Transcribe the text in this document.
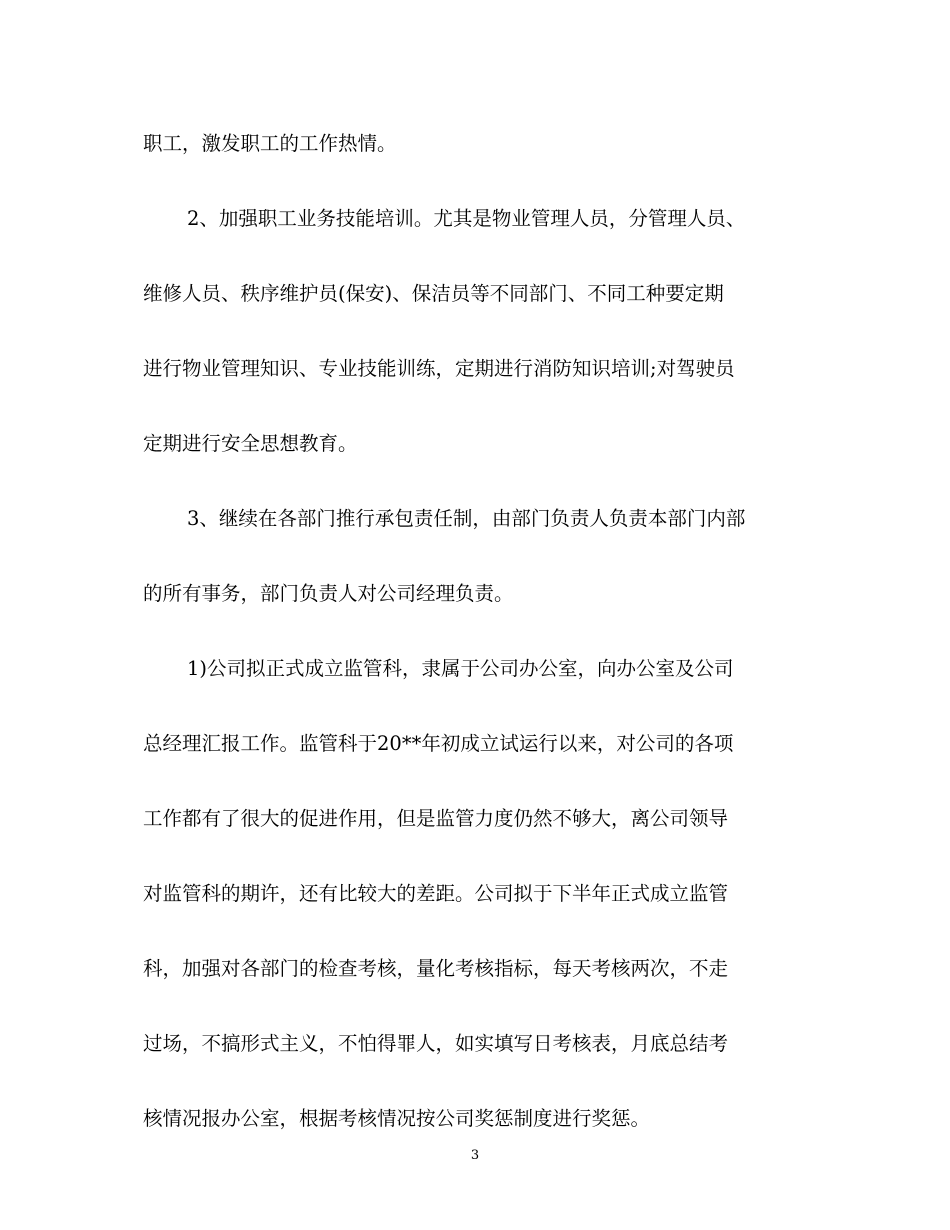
职工，激发职工的工作热情。
2、加强职工业务技能培训。尤其是物业管理人员，分管理人员、
维修人员、秩序维护员(保安)、保洁员等不同部门、不同工种要定期
进行物业管理知识、专业技能训练，定期进行消防知识培训;对驾驶员
定期进行安全思想教育。
3、继续在各部门推行承包责任制，由部门负责人负责本部门内部
的所有事务，部门负责人对公司经理负责。
1)公司拟正式成立监管科，隶属于公司办公室，向办公室及公司
总经理汇报工作。监管科于20**年初成立试运行以来，对公司的各项
工作都有了很大的促进作用，但是监管力度仍然不够大，离公司领导
对监管科的期许，还有比较大的差距。公司拟于下半年正式成立监管
科，加强对各部门的检查考核，量化考核指标，每天考核两次，不走
过场，不搞形式主义，不怕得罪人，如实填写日考核表，月底总结考
核情况报办公室，根据考核情况按公司奖惩制度进行奖惩。
3
